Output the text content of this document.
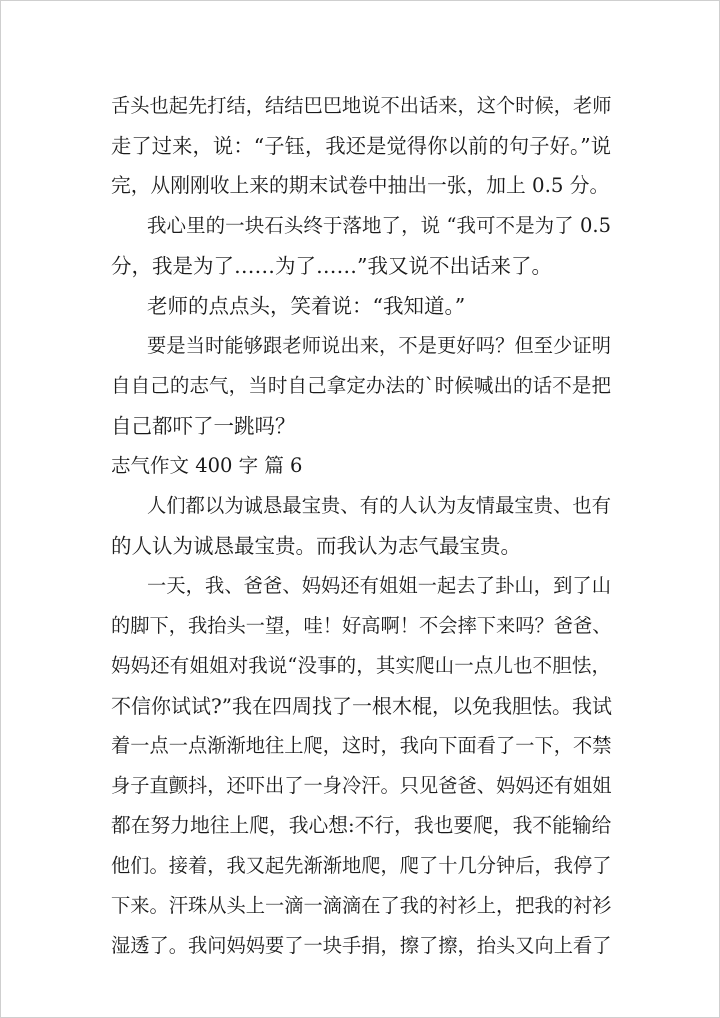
舌头也起先打结，结结巴巴地说不出话来，这个时候，老师
走了过来，说：“子钰，我还是觉得你以前的句子好。”说
完，从刚刚收上来的期末试卷中抽出一张，加上 0.5 分。
我心里的一块石头终于落地了，说 “我可不是为了 0.5
分，我是为了……为了……”我又说不出话来了。
老师的点点头，笑着说：“我知道。”
要是当时能够跟老师说出来，不是更好吗？但至少证明
自自己的志气，当时自己拿定办法的`时候喊出的话不是把
自己都吓了一跳吗？
志气作文 400 字 篇 6
人们都以为诚恳最宝贵、有的人认为友情最宝贵、也有
的人认为诚恳最宝贵。而我认为志气最宝贵。
一天，我、爸爸、妈妈还有姐姐一起去了卦山，到了山
的脚下，我抬头一望，哇！好高啊！不会摔下来吗？爸爸、
妈妈还有姐姐对我说“没事的，其实爬山一点儿也不胆怯，
不信你试试?”我在四周找了一根木棍，以免我胆怯。我试
着一点一点渐渐地往上爬，这时，我向下面看了一下，不禁
身子直颤抖，还吓出了一身冷汗。只见爸爸、妈妈还有姐姐
都在努力地往上爬，我心想:不行，我也要爬，我不能输给
他们。接着，我又起先渐渐地爬，爬了十几分钟后，我停了
下来。汗珠从头上一滴一滴滴在了我的衬衫上，把我的衬衫
湿透了。我问妈妈要了一块手捐，擦了擦，抬头又向上看了
